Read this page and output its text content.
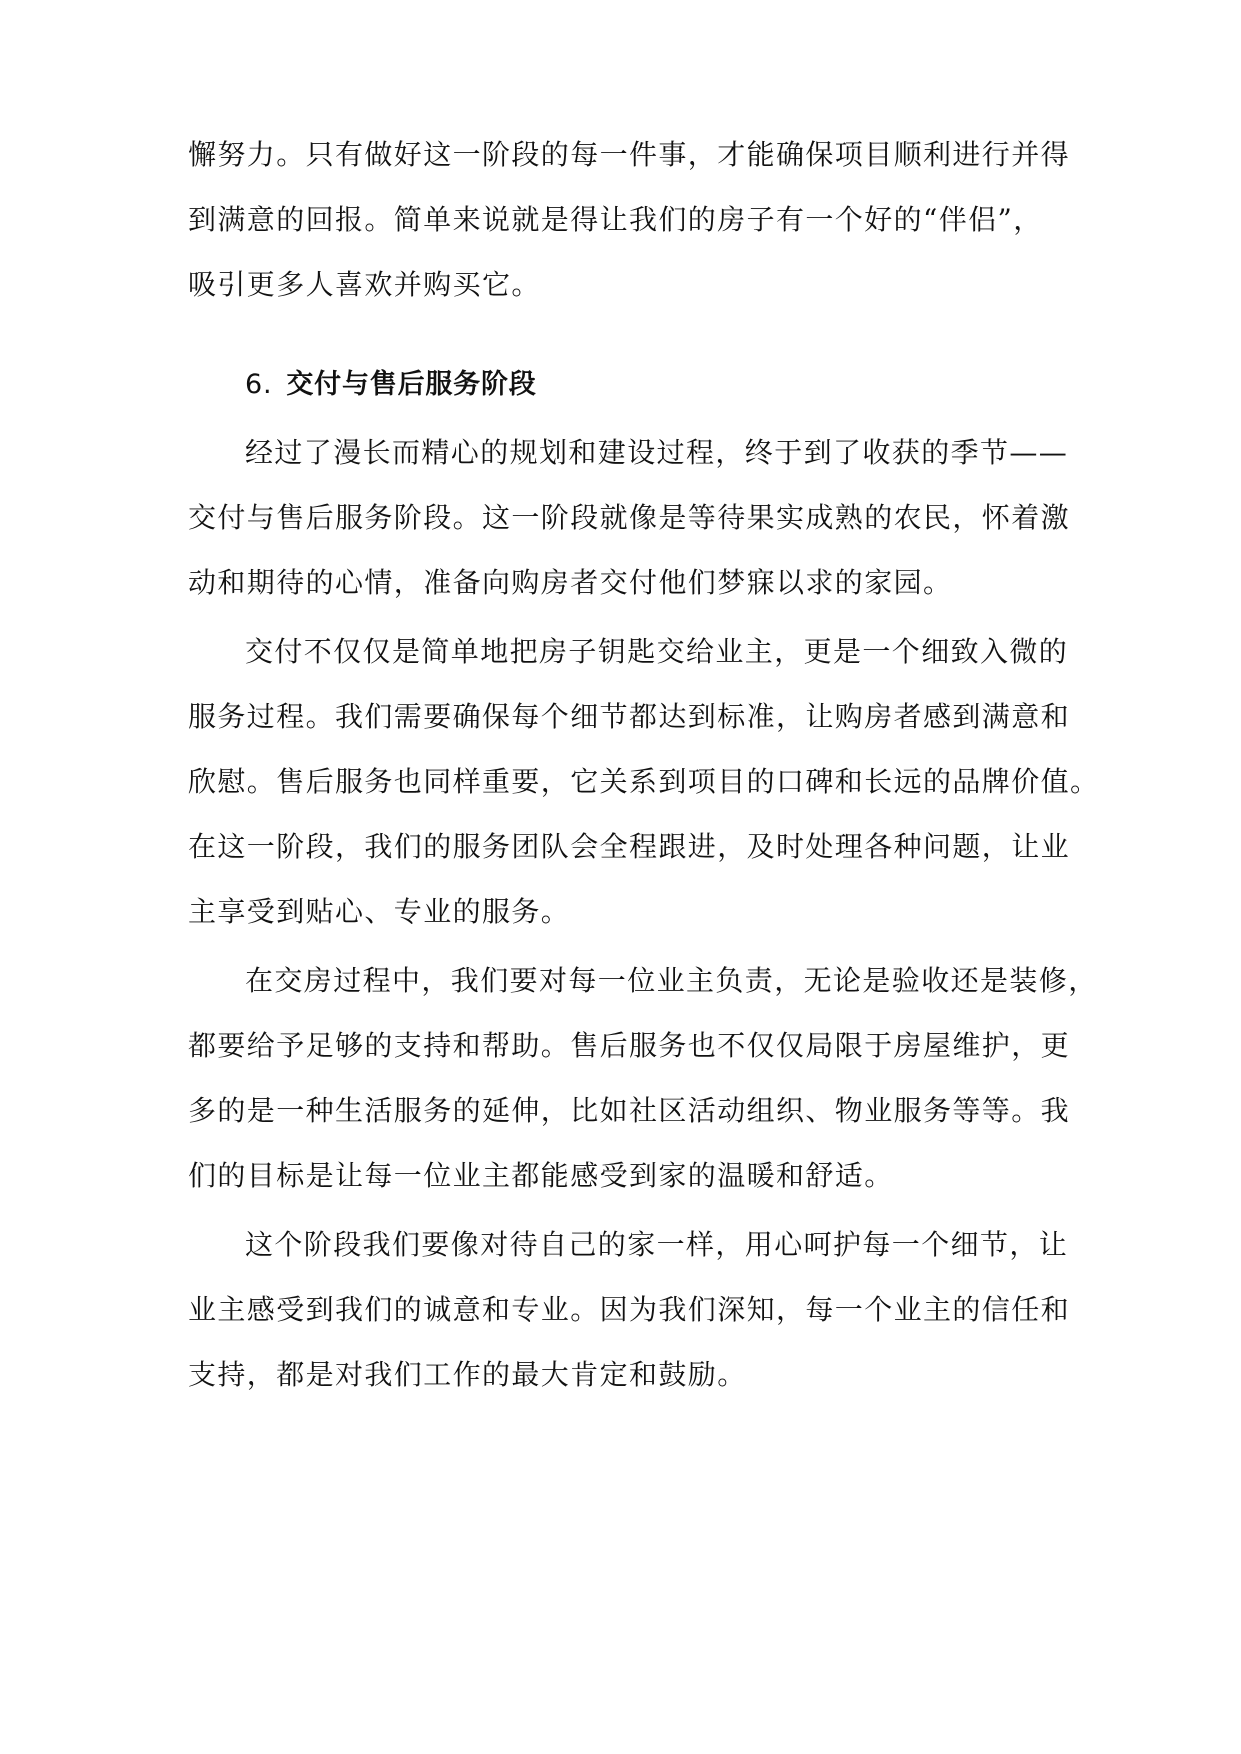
懈努力。只有做好这一阶段的每一件事，才能确保项目顺利进行并得
到满意的回报。简单来说就是得让我们的房子有一个好的“伴侣”，
吸引更多人喜欢并购买它。
6. 交付与售后服务阶段
经过了漫长而精心的规划和建设过程，终于到了收获的季节——
交付与售后服务阶段。这一阶段就像是等待果实成熟的农民，怀着激
动和期待的心情，准备向购房者交付他们梦寐以求的家园。
交付不仅仅是简单地把房子钥匙交给业主，更是一个细致入微的
服务过程。我们需要确保每个细节都达到标准，让购房者感到满意和
欣慰。售后服务也同样重要，它关系到项目的口碑和长远的品牌价值。
在这一阶段，我们的服务团队会全程跟进，及时处理各种问题，让业
主享受到贴心、专业的服务。
在交房过程中，我们要对每一位业主负责，无论是验收还是装修，
都要给予足够的支持和帮助。售后服务也不仅仅局限于房屋维护，更
多的是一种生活服务的延伸，比如社区活动组织、物业服务等等。我
们的目标是让每一位业主都能感受到家的温暖和舒适。
这个阶段我们要像对待自己的家一样，用心呵护每一个细节，让
业主感受到我们的诚意和专业。因为我们深知，每一个业主的信任和
支持，都是对我们工作的最大肯定和鼓励。
